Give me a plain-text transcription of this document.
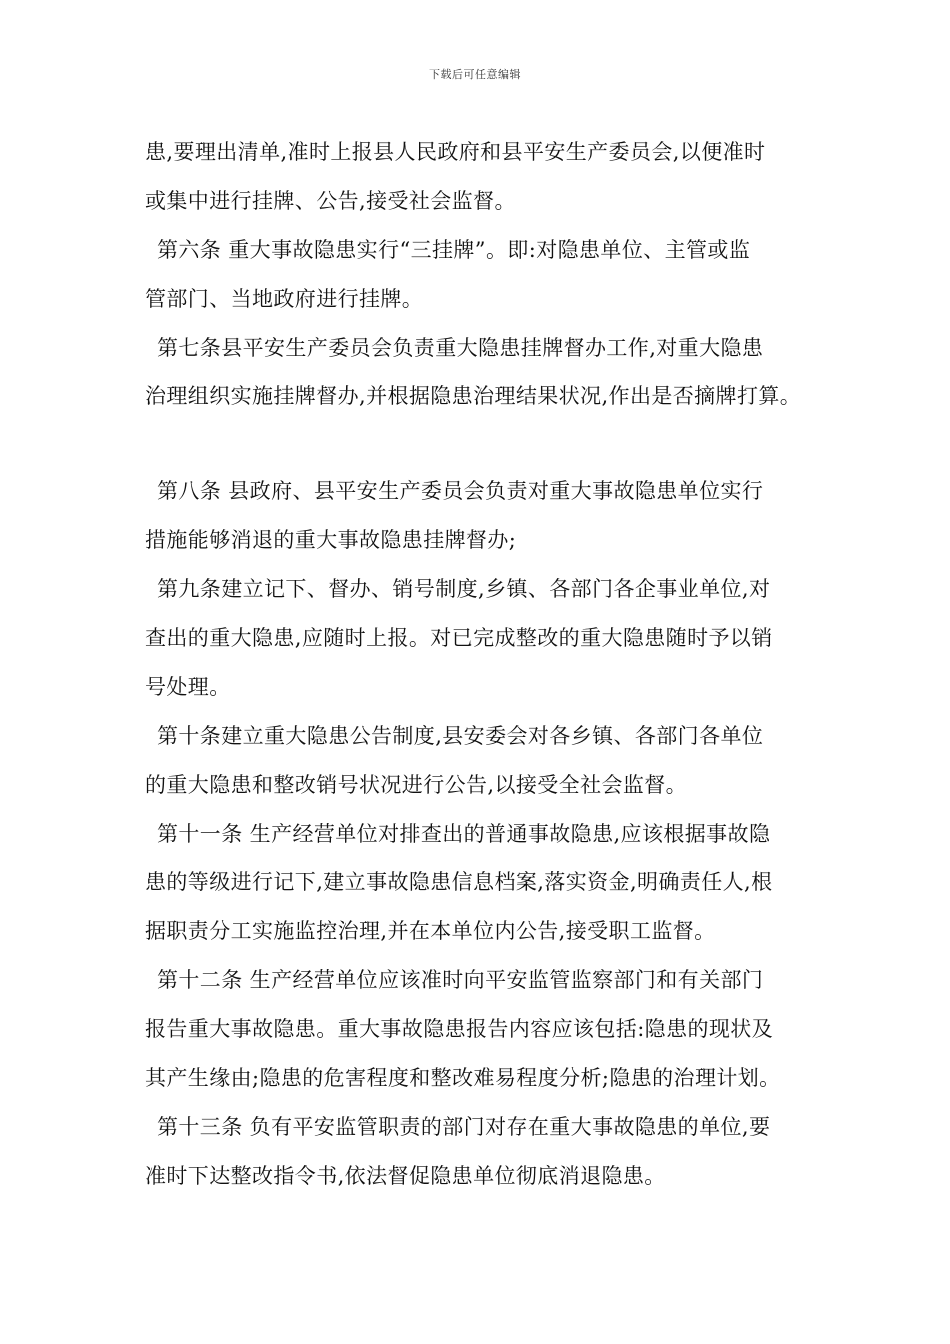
下载后可任意编辑
患,要理出清单,准时上报县人民政府和县平安生产委员会,以便准时
或集中进行挂牌、公告,接受社会监督。
第六条 重大事故隐患实行“三挂牌”。即:对隐患单位、主管或监
管部门、当地政府进行挂牌。
第七条县平安生产委员会负责重大隐患挂牌督办工作,对重大隐患
治理组织实施挂牌督办,并根据隐患治理结果状况,作出是否摘牌打算。
第八条 县政府、县平安生产委员会负责对重大事故隐患单位实行
措施能够消退的重大事故隐患挂牌督办;
第九条建立记下、督办、销号制度,乡镇、各部门各企事业单位,对
查出的重大隐患,应随时上报。对已完成整改的重大隐患随时予以销
号处理。
第十条建立重大隐患公告制度,县安委会对各乡镇、各部门各单位
的重大隐患和整改销号状况进行公告,以接受全社会监督。
第十一条 生产经营单位对排查出的普通事故隐患,应该根据事故隐
患的等级进行记下,建立事故隐患信息档案,落实资金,明确责任人,根
据职责分工实施监控治理,并在本单位内公告,接受职工监督。
第十二条 生产经营单位应该准时向平安监管监察部门和有关部门
报告重大事故隐患。重大事故隐患报告内容应该包括:隐患的现状及
其产生缘由;隐患的危害程度和整改难易程度分析;隐患的治理计划。
第十三条 负有平安监管职责的部门对存在重大事故隐患的单位,要
准时下达整改指令书,依法督促隐患单位彻底消退隐患。
